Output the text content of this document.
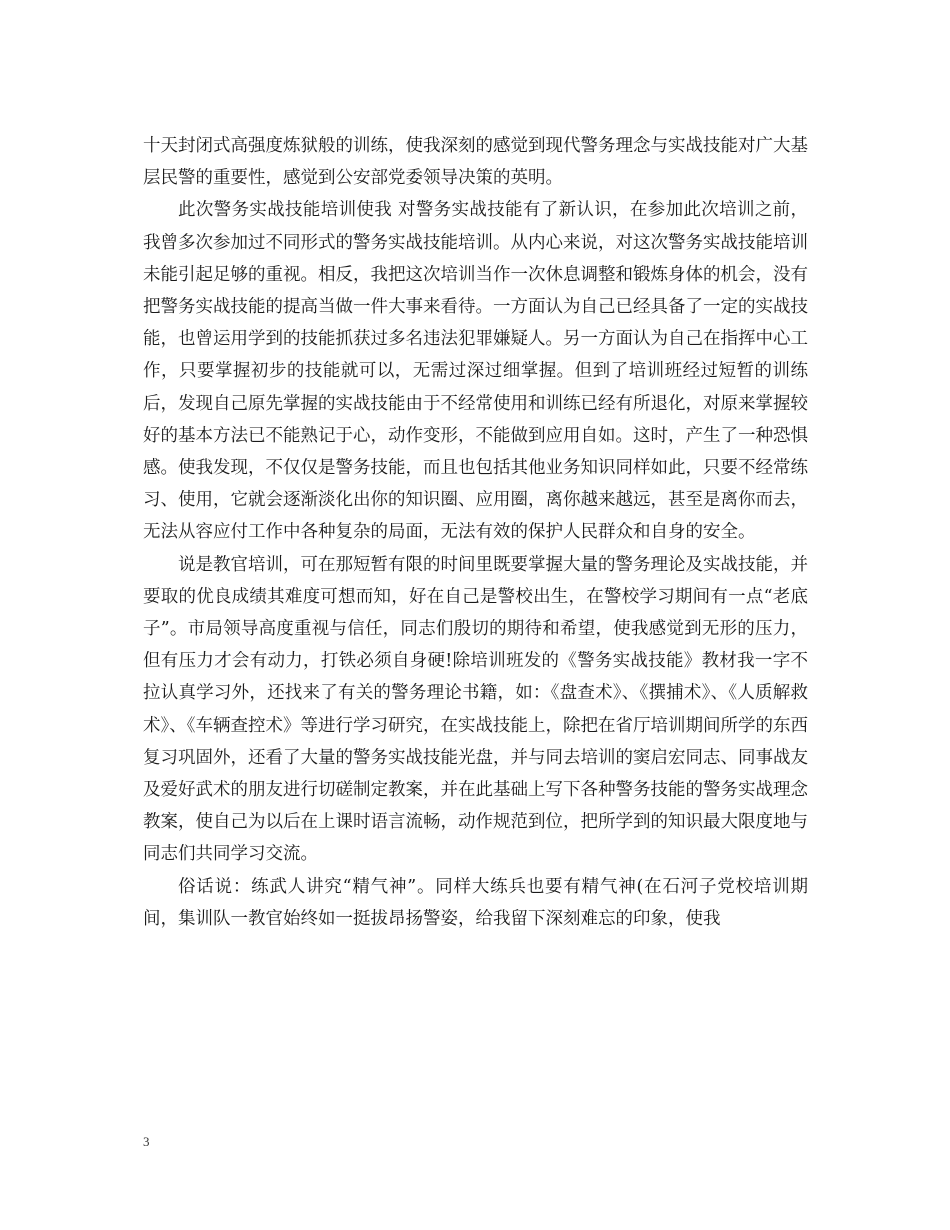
十天封闭式高强度炼狱般的训练，使我深刻的感觉到现代警务理念与实战技能对广大基层民警的重要性，感觉到公安部党委领导决策的英明。

此次警务实战技能培训使我 对警务实战技能有了新认识，在参加此次培训之前，我曾多次参加过不同形式的警务实战技能培训。从内心来说，对这次警务实战技能培训未能引起足够的重视。相反，我把这次培训当作一次休息调整和锻炼身体的机会，没有把警务实战技能的提高当做一件大事来看待。一方面认为自己已经具备了一定的实战技能，也曾运用学到的技能抓获过多名违法犯罪嫌疑人。另一方面认为自己在指挥中心工作，只要掌握初步的技能就可以，无需过深过细掌握。但到了培训班经过短暂的训练后，发现自己原先掌握的实战技能由于不经常使用和训练已经有所退化，对原来掌握较好的基本方法已不能熟记于心，动作变形，不能做到应用自如。这时，产生了一种恐惧感。使我发现，不仅仅是警务技能，而且也包括其他业务知识同样如此，只要不经常练习、使用，它就会逐渐淡化出你的知识圈、应用圈，离你越来越远，甚至是离你而去，无法从容应付工作中各种复杂的局面，无法有效的保护人民群众和自身的安全。

说是教官培训，可在那短暂有限的时间里既要掌握大量的警务理论及实战技能，并要取的优良成绩其难度可想而知，好在自己是警校出生，在警校学习期间有一点“老底子”。市局领导高度重视与信任，同志们殷切的期待和希望，使我感觉到无形的压力，但有压力才会有动力，打铁必须自身硬!除培训班发的《警务实战技能》教材我一字不拉认真学习外，还找来了有关的警务理论书籍，如：《盘查术》、《撰捕术》、《人质解救术》、《车辆查控术》等进行学习研究，在实战技能上，除把在省厅培训期间所学的东西复习巩固外，还看了大量的警务实战技能光盘，并与同去培训的窦启宏同志、同事战友及爱好武术的朋友进行切磋制定教案，并在此基础上写下各种警务技能的警务实战理念教案，使自己为以后在上课时语言流畅，动作规范到位，把所学到的知识最大限度地与同志们共同学习交流。

俗话说：练武人讲究“精气神”。同样大练兵也要有精气神(在石河子党校培训期间，集训队一教官始终如一挺拔昂扬警姿，给我留下深刻难忘的印象，使我

3
